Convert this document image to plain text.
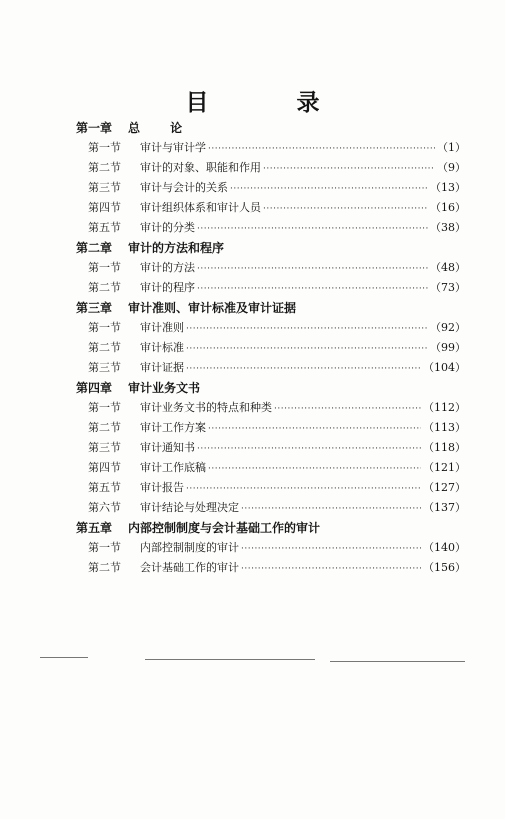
目 录
第一章 总 论
第一节	审计与审计学 ·····	（1）
第二节	审计的对象、职能和作用 ·····	（9）
第三节	审计与会计的关系 ·····	（13）
第四节	审计组织体系和审计人员 ·····	（16）
第五节	审计的分类 ·····	（38）
第二章 审计的方法和程序
第一节	审计的方法 ·····	（48）
第二节	审计的程序 ·····	（73）
第三章 审计准则、审计标准及审计证据
第一节	审计准则 ·····	（92）
第二节	审计标准 ·····	（99）
第三节	审计证据 ·····	（104）
第四章 审计业务文书
第一节	审计业务文书的特点和种类 ·····	（112）
第二节	审计工作方案 ·····	（113）
第三节	审计通知书 ·····	（118）
第四节	审计工作底稿 ·····	（121）
第五节	审计报告 ·····	（127）
第六节	审计结论与处理决定 ·····	（137）
第五章 内部控制制度与会计基础工作的审计
第一节	内部控制制度的审计 ·····	（140）
第二节	会计基础工作的审计 ·····	（156）
